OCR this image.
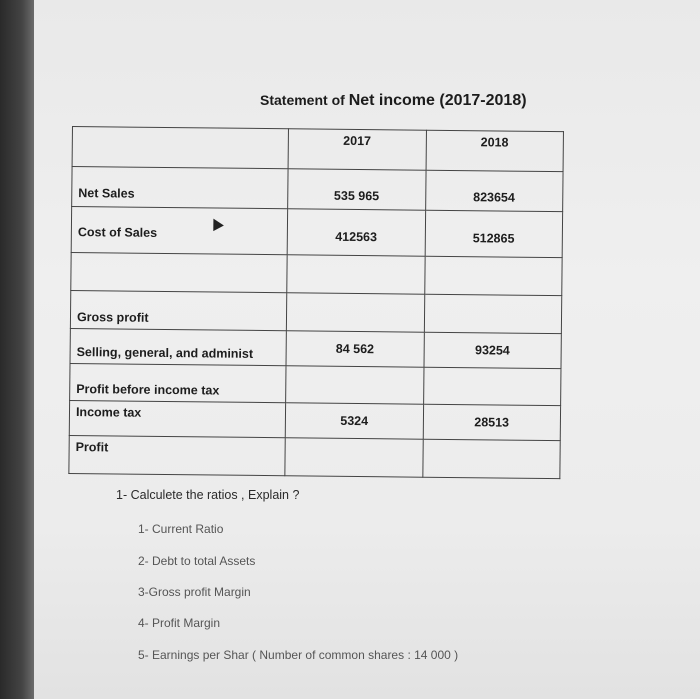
Statement of Net income (2017-2018)
	2017	2018
Net Sales	535 965	823654
Cost of Sales	412563	512865

Gross profit		
Selling, general, and administ	84 562	93254
Profit before income tax		
Income tax	5324	28513
Profit		
1- Calculete the ratios , Explain ?
1- Current Ratio
2- Debt to total Assets
3-Gross profit Margin
4- Profit Margin
5- Earnings per Shar ( Number of common shares : 14 000 )
